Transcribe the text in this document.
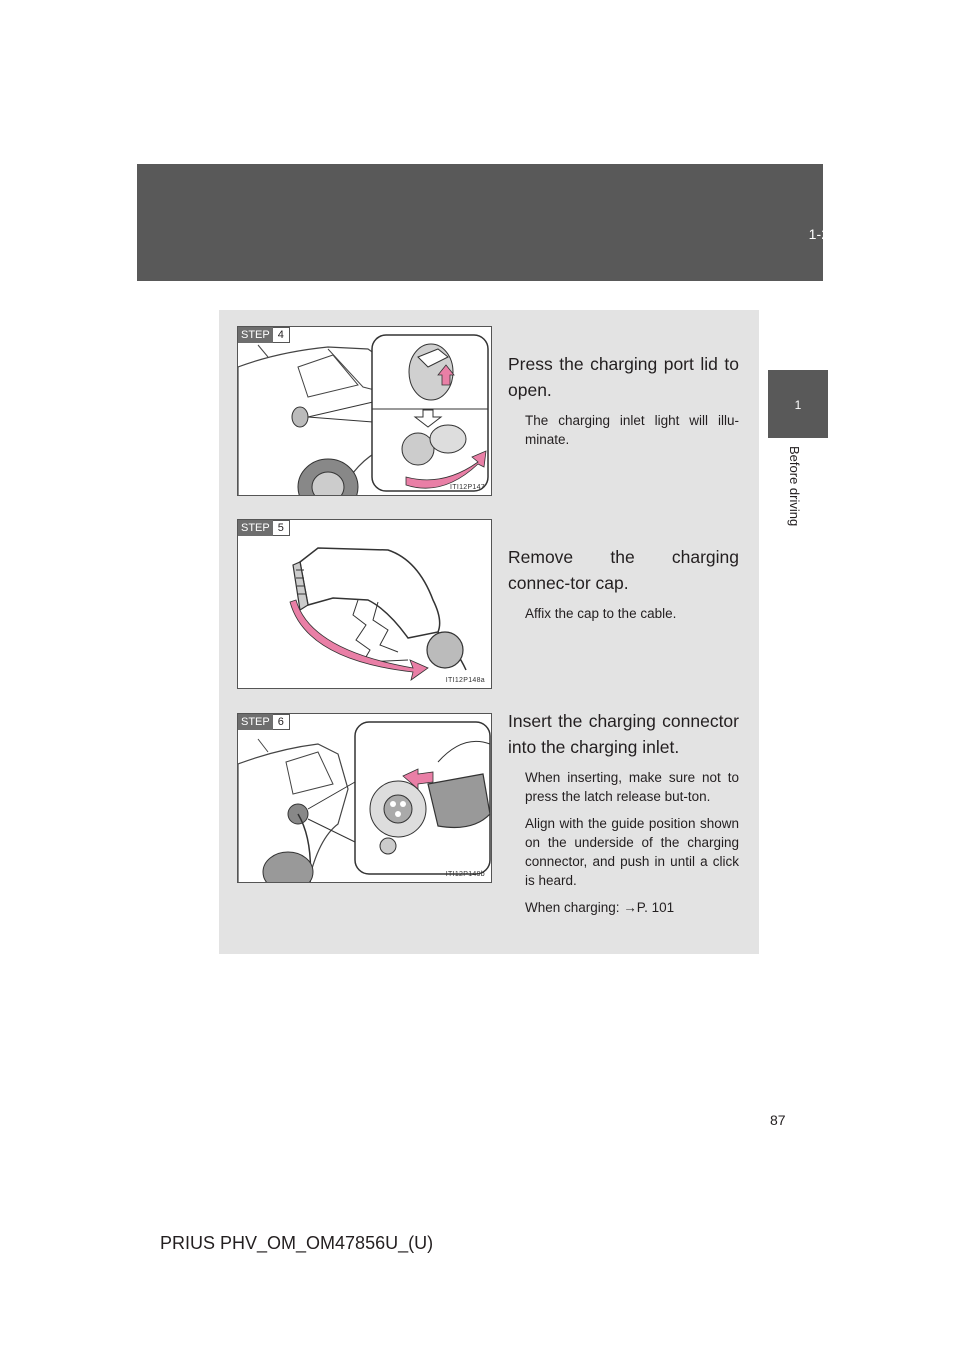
1-2. Charging
1
Before driving
STEP 4
ITI12P147

Press the charging port lid to open.

The charging inlet light will illu-minate.

STEP 5
ITI12P148a

Remove the charging connec-tor cap.

Affix the cap to the cable.

STEP 6
ITI12P149b

Insert the charging connector into the charging inlet.

When inserting, make sure not to press the latch release but-ton.

Align with the guide position shown on the underside of the charging connector, and push in until a click is heard.

When charging: →P. 101

87
PRIUS PHV_OM_OM47856U_(U)
